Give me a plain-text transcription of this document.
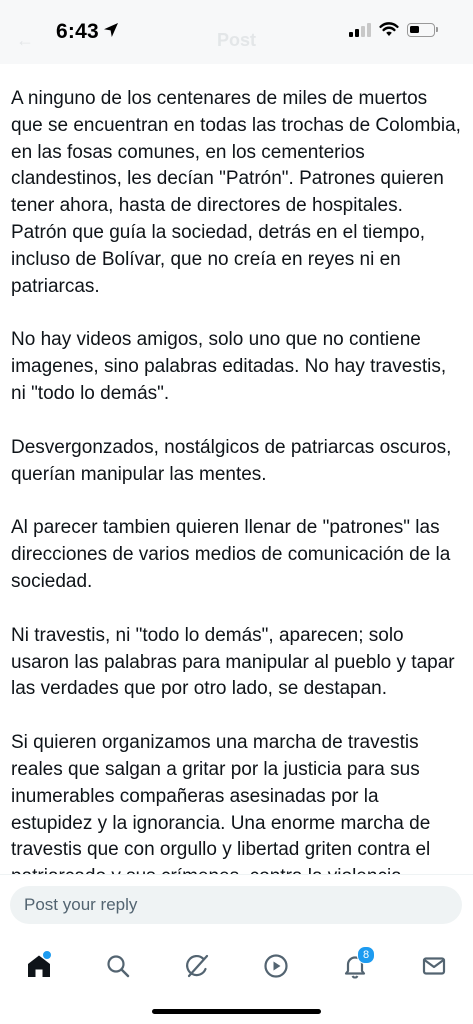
←	Post
6:43

A ninguno de los centenares de miles de muertos que se encuentran en todas las trochas de Colombia, en las fosas comunes, en los cementerios clandestinos, les decían "Patrón". Patrones quieren tener ahora, hasta de directores de hospitales. Patrón que guía la sociedad, detrás en el tiempo, incluso de Bolívar, que no creía en reyes ni en patriarcas.

No hay videos amigos, solo uno que no contiene imagenes, sino palabras editadas. No hay travestis, ni "todo lo demás".

Desvergonzados, nostálgicos de patriarcas oscuros, querían manipular las mentes.

Al parecer tambien quieren llenar de "patrones" las direcciones de varios medios de comunicación de la sociedad.

Ni travestis, ni "todo lo demás", aparecen; solo usaron las palabras para manipular al pueblo y tapar las verdades que por otro lado, se destapan.

Si quieren organizamos una marcha de travestis reales que salgan a gritar por la justicia para sus inumerables compañeras asesinadas por la estupidez y la ignorancia. Una enorme marcha de travestis que con orgullo y libertad griten contra el

Post your reply
8
